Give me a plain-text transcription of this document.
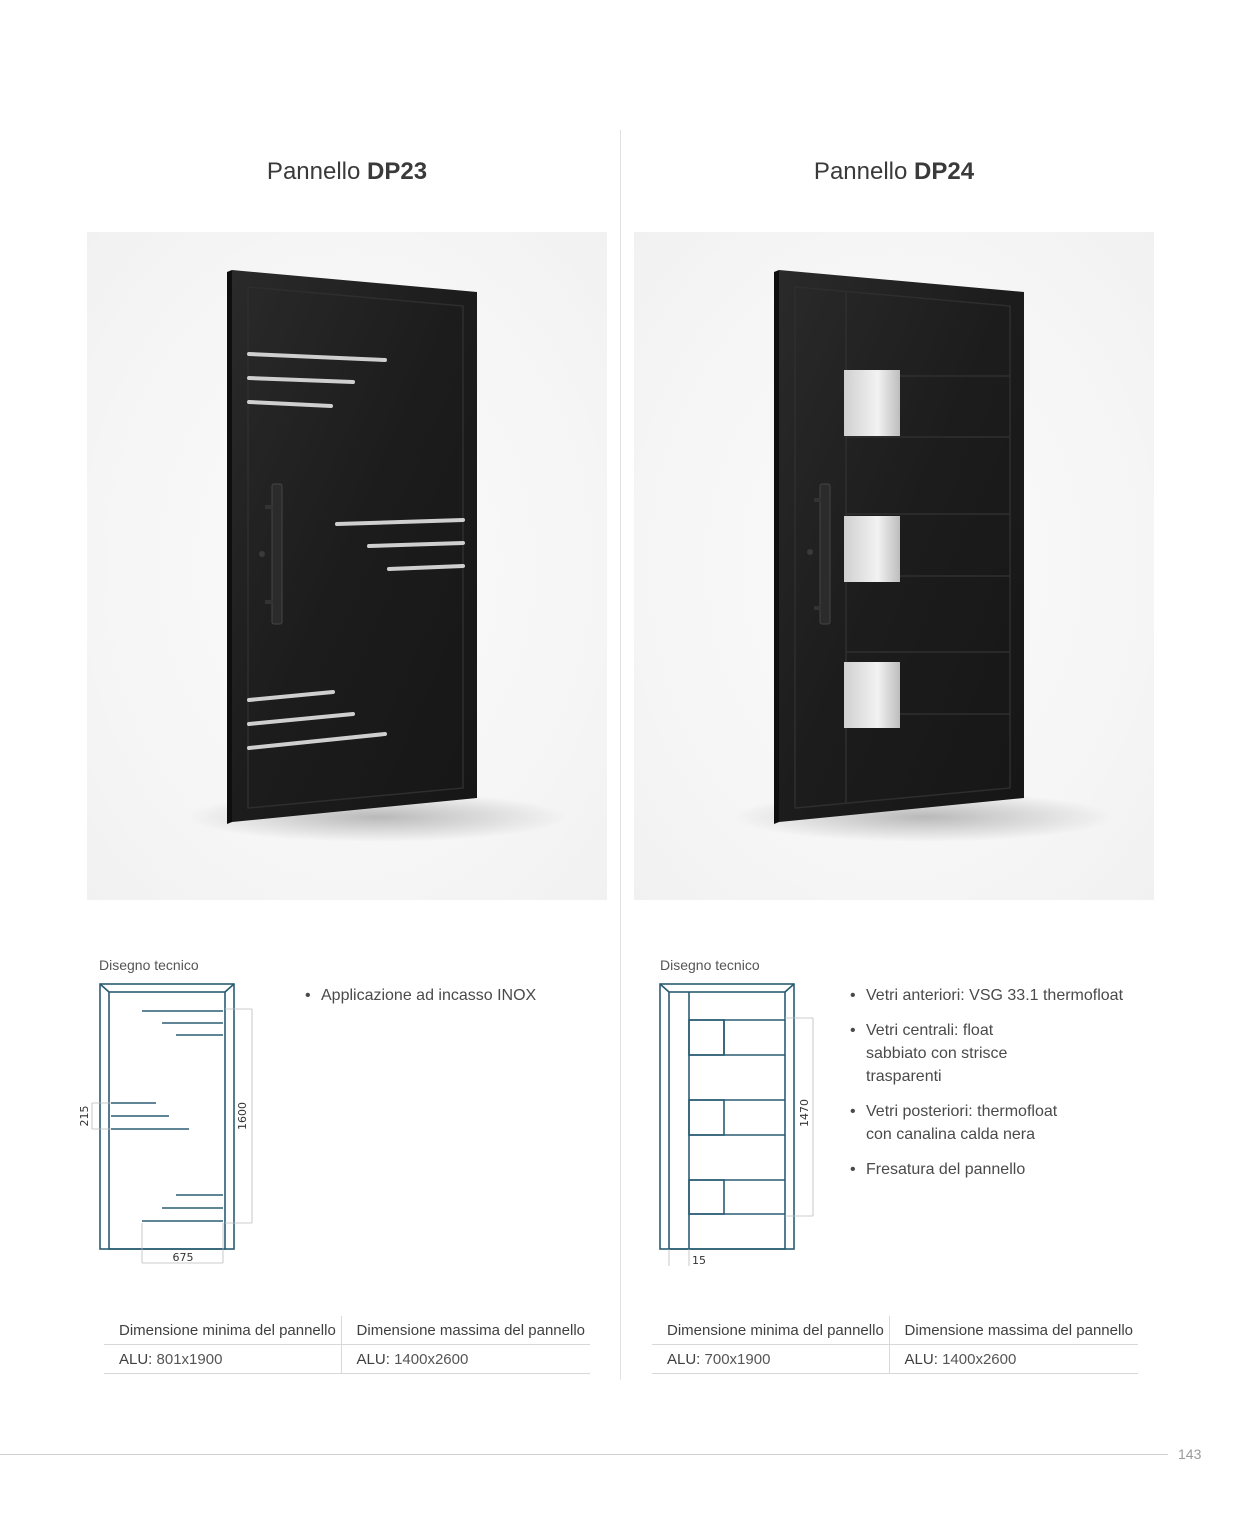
Pannello DP23
Disegno tecnico
1600
215
675
• Applicazione ad incasso INOX
Dimensione minima del pannello	Dimensione massima del pannello
ALU: 801x1900	ALU: 1400x2600
Pannello DP24
Disegno tecnico
1470
15
• Vetri anteriori: VSG 33.1 thermofloat
• Vetri centrali: float sabbiato con strisce trasparenti
• Vetri posteriori: thermofloat con canalina calda nera
• Fresatura del pannello
Dimensione minima del pannello	Dimensione massima del pannello
ALU: 700x1900	ALU: 1400x2600
143
